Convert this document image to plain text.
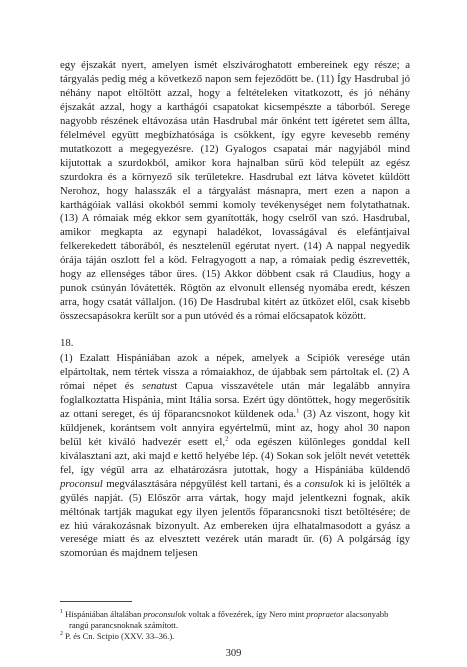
egy éjszakát nyert, amelyen ismét elszivároghatott embereinek egy része; a tárgyalás pedig még a következő napon sem fejeződött be. (11) Így Hasdrubal jó néhány napot eltöltött azzal, hogy a feltételeken vitatkozott, és jó néhány éjszakát azzal, hogy a karthágói csapatokat kicsempészte a táborból. Serege nagyobb részének eltávozása után Hasdrubal már önként tett ígéretet sem állta, félelmével együtt megbízhatósága is csökkent, így egyre kevesebb remény mutatkozott a megegyezésre. (12) Gyalogos csapatai már nagyjából mind kijutottak a szurdokból, amikor kora hajnalban sűrű köd települt az egész szurdokra és a környező sík területekre. Hasdrubal ezt látva követet küldött Nerohoz, hogy halasszák el a tárgyalást másnapra, mert ezen a napon a karthágóiak vallási okokból semmi komoly tevékenységet nem folytathatnak. (13) A rómaiak még ekkor sem gyanították, hogy cselről van szó. Hasdrubal, amikor megkapta az egynapi haladékot, lovasságával és elefántjaival felkerekedett táborából, és nesztelenül egérutat nyert. (14) A nappal negyedik órája táján oszlott fel a köd. Felragyogott a nap, a rómaiak pedig észrevették, hogy az ellenséges tábor üres. (15) Akkor döbbent csak rá Claudius, hogy a punok csúnyán lóvátették. Rögtön az elvonult ellenség nyomába eredt, készen arra, hogy csatát vállaljon. (16) De Hasdrubal kitért az ütközet elől, csak kisebb összecsapásokra került sor a pun utóvéd és a római előcsapatok között.

18.

(1) Ezalatt Hispániában azok a népek, amelyek a Scipiók veresége után elpártoltak, nem tértek vissza a rómaiakhoz, de újabbak sem pártoltak el. (2) A római népet és senatust Capua visszavétele után már legalább annyira foglalkoztatta Hispánia, mint Itália sorsa. Ezért úgy döntöttek, hogy megerősítik az ottani sereget, és új főparancsnokot küldenek oda.$^1$ (3) Az viszont, hogy kit küldjenek, korántsem volt annyira egyértelmű, mint az, hogy ahol 30 napon belül két kiváló hadvezér esett el,$^2$ oda egészen különleges gonddal kell kiválasztani azt, aki majd e kettő helyébe lép. (4) Sokan sok jelölt nevét vetették fel, így végül arra az elhatározásra jutottak, hogy a Hispániába küldendő proconsul megválasztására népgyűlést kell tartani, és a consulok ki is jelölték a gyűlés napját. (5) Először arra vártak, hogy majd jelentkezni fognak, akik méltónak tartják magukat egy ilyen jelentős főparancsnoki tiszt betöltésére; de ez hiú várakozásnak bizonyult. Az embereken újra elhatalmasodott a gyász a veresége miatt és az elvesztett vezérek után maradt űr. (6) A polgárság így szomorúan és majdnem teljesen

$^1$ Hispániában általában proconsulok voltak a fővezérek, így Nero mint propraetor alacsonyabb rangú parancsnoknak számított.

$^2$ P. és Cn. Scipio (XXV. 33–36.).

309
